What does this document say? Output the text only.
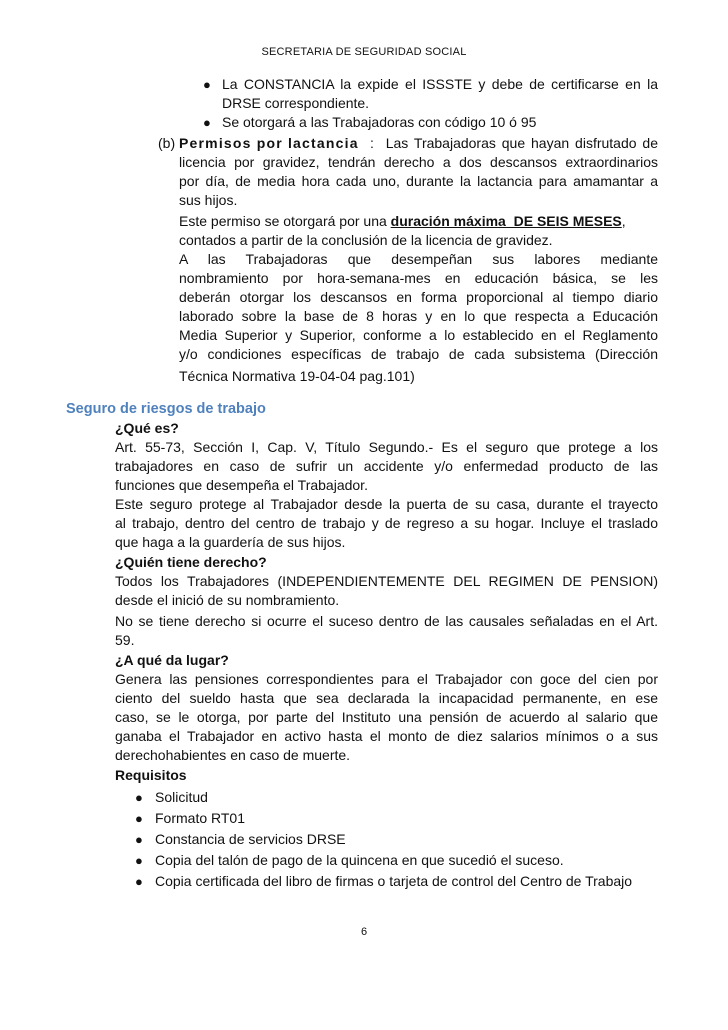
SECRETARIA DE SEGURIDAD SOCIAL
● La CONSTANCIA la expide el ISSSTE y debe de certificarse en la
DRSE correspondiente.
● Se otorgará a las Trabajadoras con código 10 ó 95
(b) Permisos por lactancia :  Las Trabajadoras que hayan disfrutado de
licencia por gravidez, tendrán derecho a dos descansos extraordinarios
por día, de media hora cada uno, durante la lactancia para amamantar a
sus hijos.
Este permiso se otorgará por una duración máxima  DE SEIS MESES,
contados a partir de la conclusión de la licencia de gravidez.
A las Trabajadoras que desempeñan sus labores mediante
nombramiento por hora-semana-mes en educación básica, se les
deberán otorgar los descansos en forma proporcional al tiempo diario
laborado sobre la base de 8 horas y en lo que respecta a Educación
Media Superior y Superior, conforme a lo establecido en el Reglamento
y/o condiciones específicas de trabajo de cada subsistema (Dirección
Técnica Normativa 19-04-04 pag.101)
Seguro de riesgos de trabajo
¿Qué es?
Art. 55-73, Sección I, Cap. V, Título Segundo.- Es el seguro que protege a los
trabajadores en caso de sufrir un accidente y/o enfermedad producto de las
funciones que desempeña el Trabajador.
Este seguro protege al Trabajador desde la puerta de su casa, durante el trayecto
al trabajo, dentro del centro de trabajo y de regreso a su hogar. Incluye el traslado
que haga a la guardería de sus hijos.
¿Quién tiene derecho?
Todos los Trabajadores (INDEPENDIENTEMENTE DEL REGIMEN DE PENSION)
desde el inició de su nombramiento.
No se tiene derecho si ocurre el suceso dentro de las causales señaladas en el Art.
59.
¿A qué da lugar?
Genera las pensiones correspondientes para el Trabajador con goce del cien por
ciento del sueldo hasta que sea declarada la incapacidad permanente, en ese
caso, se le otorga, por parte del Instituto una pensión de acuerdo al salario que
ganaba el Trabajador en activo hasta el monto de diez salarios mínimos o a sus
derechohabientes en caso de muerte.
Requisitos
● Solicitud
● Formato RT01
● Constancia de servicios DRSE
● Copia del talón de pago de la quincena en que sucedió el suceso.
● Copia certificada del libro de firmas o tarjeta de control del Centro de Trabajo
6
